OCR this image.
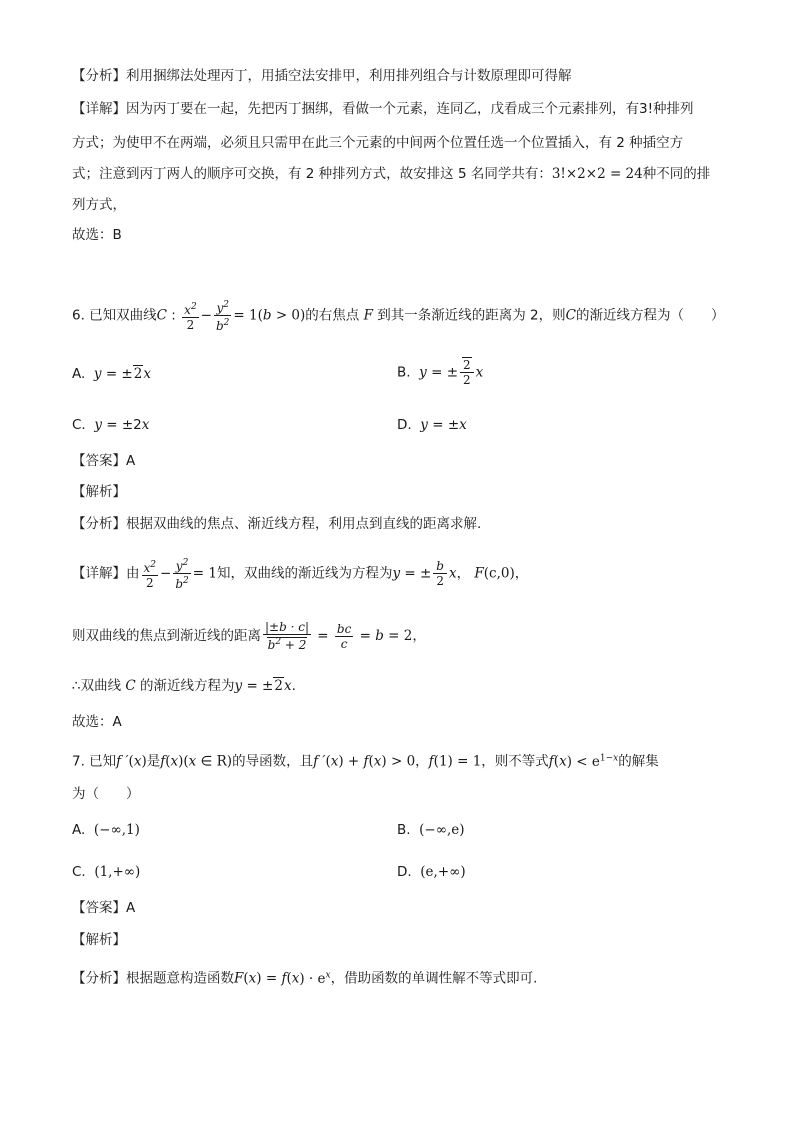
【分析】利用捆绑法处理丙丁，用插空法安排甲，利用排列组合与计数原理即可得解
【详解】因为丙丁要在一起，先把丙丁捆绑，看做一个元素，连同乙，戊看成三个元素排列，有3!种排列
方式；为使甲不在两端，必须且只需甲在此三个元素的中间两个位置任选一个位置插入，有 2 种插空方
式；注意到丙丁两人的顺序可交换，有 2 种排列方式，故安排这 5 名同学共有：3!×2×2 = 24种不同的排
列方式，
故选：B
6. 已知双曲线C : $\frac{x^2}{2} - \frac{y^2}{b^2} = 1(b > 0)$的右焦点 F 到其一条渐近线的距离为 2，则C的渐近线方程为（　　）
A. y = ±2x	B. y = ± $\frac{2}{2}$ x
C. y = ±2x	D. y = ±x
【答案】A
【解析】
【分析】根据双曲线的焦点、渐近线方程，利用点到直线的距离求解.
【详解】由 $\frac{x^2}{2} - \frac{y^2}{b^2} = 1$知，双曲线的渐近线为方程为y = ± $\frac{b}{2}$ x， F(c,0)，
则双曲线的焦点到渐近线的距离 $\frac{|\pm b \cdot c|}{b^2 + 2} = \frac{bc}{c} = b = 2$，
∴双曲线 C 的渐近线方程为y = ±2x.
故选：A
7. 已知f ′(x)是f(x)(x ∈ R)的导函数，且f ′(x) + f(x) > 0，f(1) = 1，则不等式$f(x) < e^{1-x}$的解集
为（　　）
A. (−∞,1)	B. (−∞,e)
C. (1,+∞)	D. (e,+∞)
【答案】A
【解析】
【分析】根据题意构造函数$F(x) = f(x) \cdot e^x$，借助函数的单调性解不等式即可.
